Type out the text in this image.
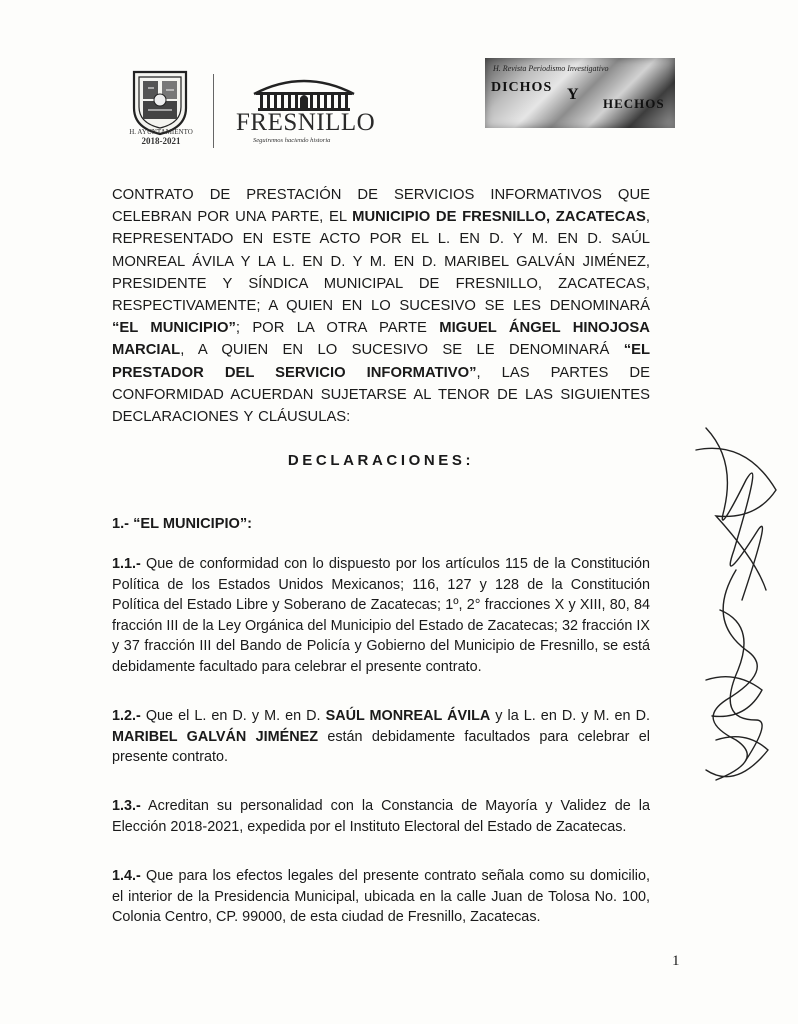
H. AYUNTAMIENTO
2018-2021
FRESNILLO
Seguiremos haciendo historia
H. Revista Periodismo Investigativo
DICHOS Y
HECHOS

CONTRATO DE PRESTACIÓN DE SERVICIOS INFORMATIVOS QUE CELEBRAN POR UNA PARTE, EL MUNICIPIO DE FRESNILLO, ZACATECAS, REPRESENTADO EN ESTE ACTO POR EL L. EN D. Y M. EN D. SAÚL MONREAL ÁVILA Y LA L. EN D. Y M. EN D. MARIBEL GALVÁN JIMÉNEZ, PRESIDENTE Y SÍNDICA MUNICIPAL DE FRESNILLO, ZACATECAS, RESPECTIVAMENTE; A QUIEN EN LO SUCESIVO SE LES DENOMINARÁ “EL MUNICIPIO”; POR LA OTRA PARTE MIGUEL ÁNGEL HINOJOSA MARCIAL, A QUIEN EN LO SUCESIVO SE LE DENOMINARÁ “EL PRESTADOR DEL SERVICIO INFORMATIVO”, LAS PARTES DE CONFORMIDAD ACUERDAN SUJETARSE AL TENOR DE LAS SIGUIENTES DECLARACIONES Y CLÁUSULAS:

DECLARACIONES:
1.- “EL MUNICIPIO”:

1.1.- Que de conformidad con lo dispuesto por los artículos 115 de la Constitución Política de los Estados Unidos Mexicanos; 116, 127 y 128 de la Constitución Política del Estado Libre y Soberano de Zacatecas; 1º, 2° fracciones X y XIII, 80, 84 fracción III de la Ley Orgánica del Municipio del Estado de Zacatecas; 32 fracción IX y 37 fracción III del Bando de Policía y Gobierno del Municipio de Fresnillo, se está debidamente facultado para celebrar el presente contrato.

1.2.- Que el L. en D. y M. en D. SAÚL MONREAL ÁVILA y la L. en D. y M. en D. MARIBEL GALVÁN JIMÉNEZ están debidamente facultados para celebrar el presente contrato.

1.3.- Acreditan su personalidad con la Constancia de Mayoría y Validez de la Elección 2018-2021, expedida por el Instituto Electoral del Estado de Zacatecas.

1.4.- Que para los efectos legales del presente contrato señala como su domicilio, el interior de la Presidencia Municipal, ubicada en la calle Juan de Tolosa No. 100, Colonia Centro, CP. 99000, de esta ciudad de Fresnillo, Zacatecas.

1
